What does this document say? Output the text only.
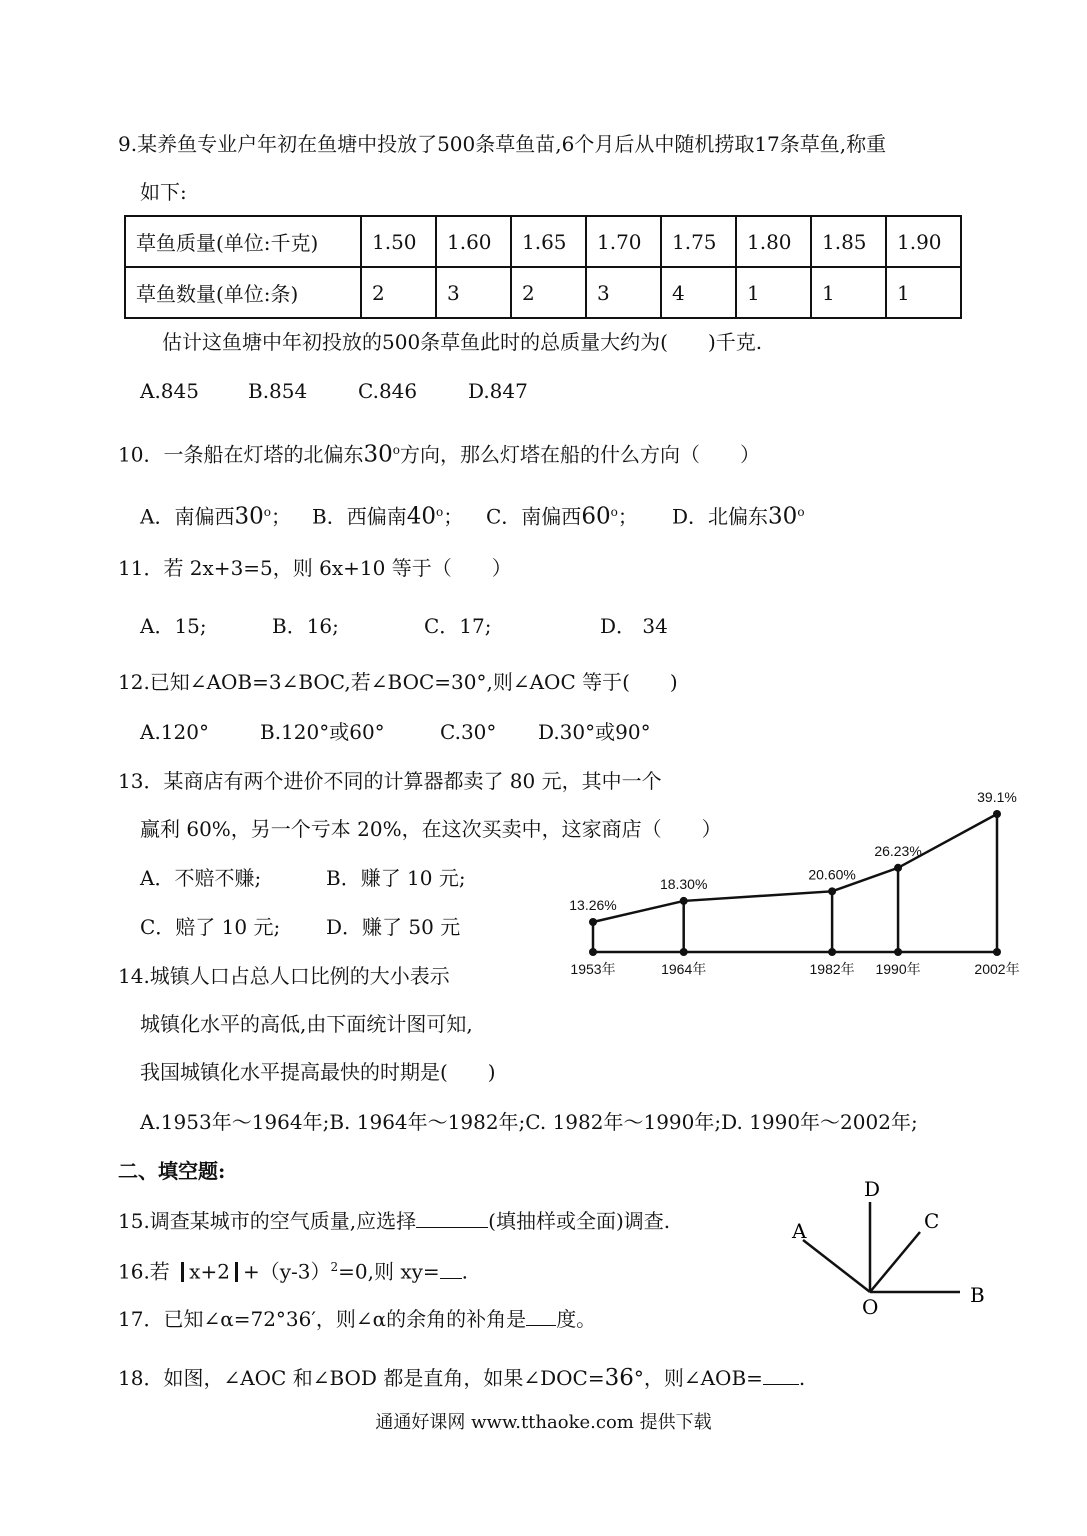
9.某养鱼专业户年初在鱼塘中投放了500条草鱼苗,6个月后从中随机捞取17条草鱼,称重
如下:
草鱼质量(单位:千克)	1.50	1.60	1.65	1.70	1.75	1.80	1.85	1.90
草鱼数量(单位:条)	2	3	2	3	4	1	1	1
估计这鱼塘中年初投放的500条草鱼此时的总质量大约为(　　)千克.
A.845 B.854	C.846	D.847
10．一条船在灯塔的北偏东30$^o$方向，那么灯塔在船的什么方向（　　）
A．南偏西30$^o$； B．西偏南40$^o$； C．南偏西60$^o$； D．北偏东30$^o$
11．若 2x+3=5，则 6x+10 等于（　　）
A．15;	B．16;	C．17;	D． 34
12.已知∠AOB=3∠BOC,若∠BOC=30°,则∠AOC 等于(　　)
A.120°	B.120°或60°	C.30° D.30°或90°
13．某商店有两个进价不同的计算器都卖了 80 元，其中一个
赢利 60%，另一个亏本 20%，在这次买卖中，这家商店（　　）
A．不赔不赚;	B．赚了 10 元;
C．赔了 10 元; D．赚了 50 元
13.26%
1953年
18.30%
1964年
20.60%
1982年
26.23%
1990年
39.1%
2002年
14.城镇人口占总人口比例的大小表示
城镇化水平的高低,由下面统计图可知,
我国城镇化水平提高最快的时期是(　　)
A.1953年～1964年;B. 1964年～1982年;C. 1982年～1990年;D. 1990年～2002年;
二、填空题:
15.调查某城市的空气质量,应选择	(填抽样或全面)调查.
16.若 $x+2 +(y-3)^2=0$,则 xy= .
17．已知∠α=72°36′，则∠α的余角的补角是 度。
18．如图，∠AOC 和∠BOD 都是直角，如果∠DOC=36°，则∠AOB= .
D
C
A
B
O
通通好课网 www.tthaoke.com 提供下载
